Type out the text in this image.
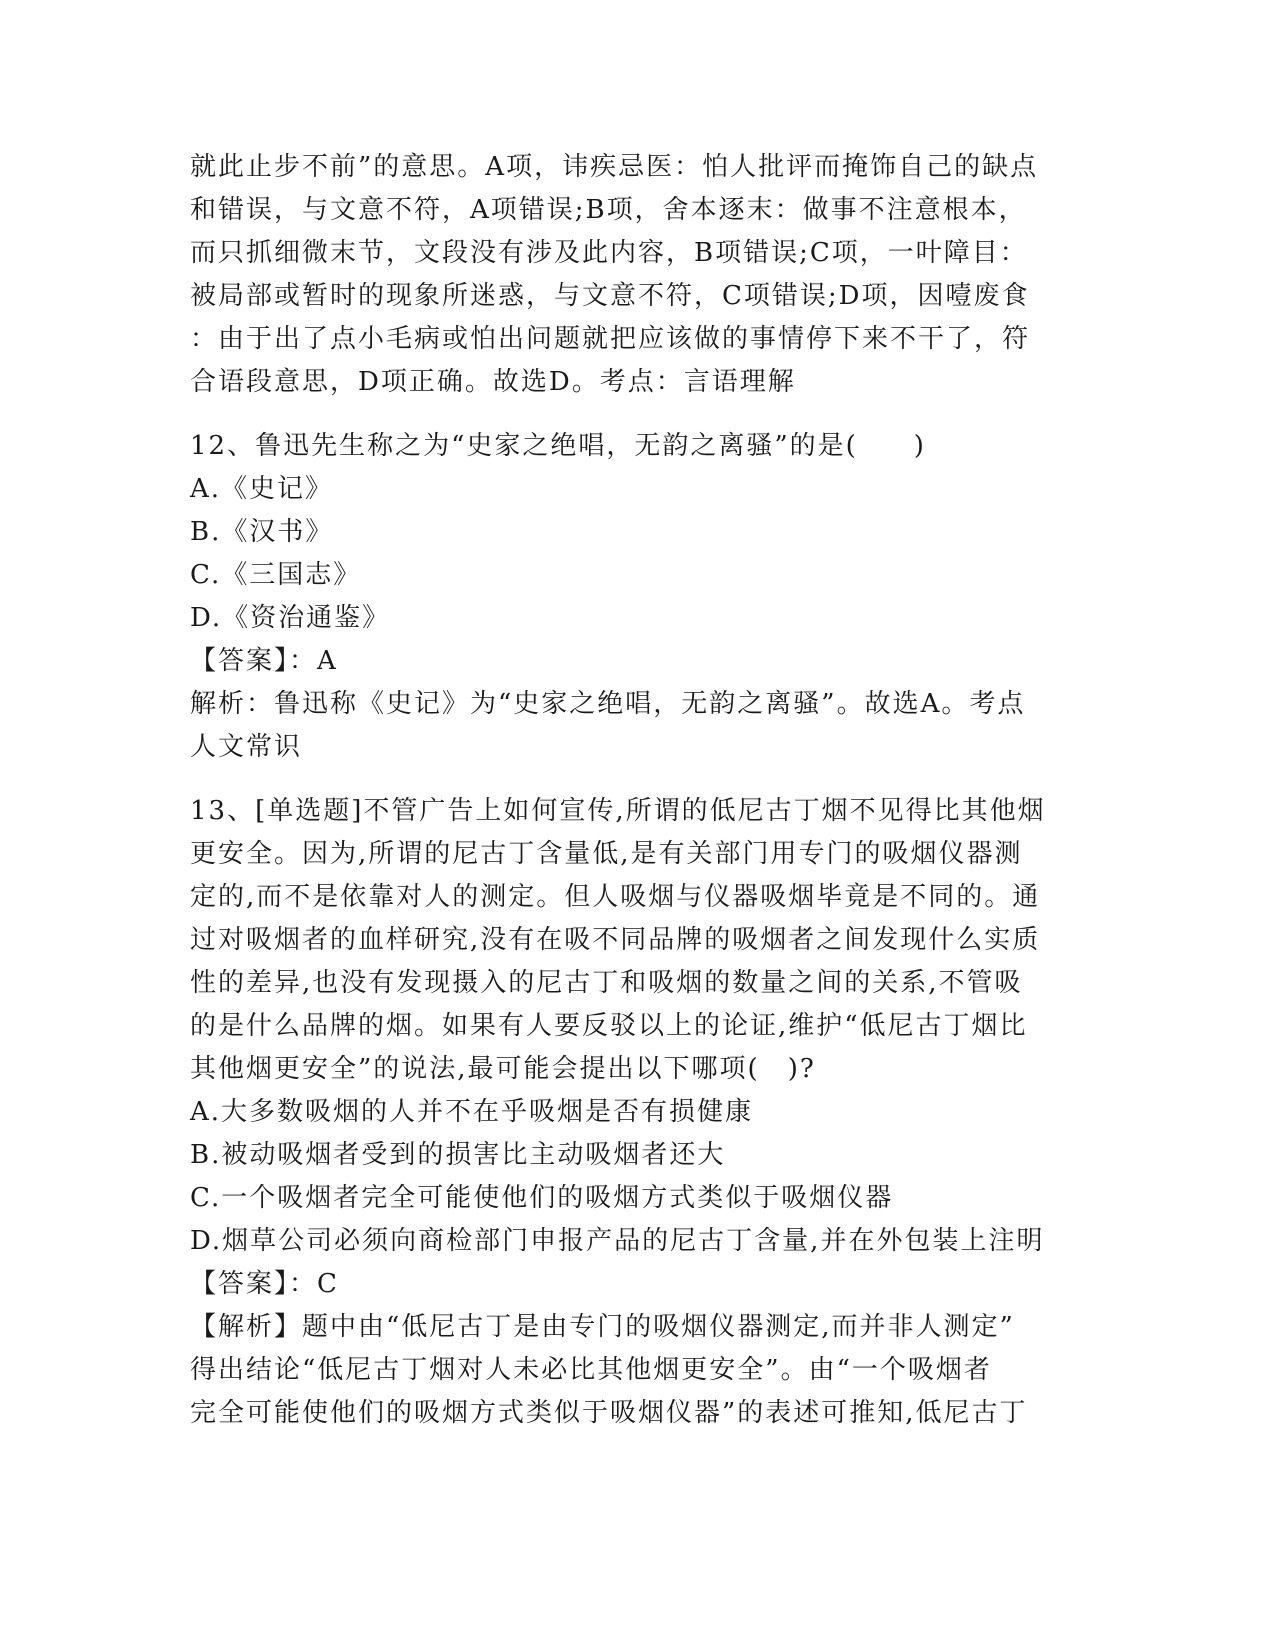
就此止步不前”的意思。A项，讳疾忌医：怕人批评而掩饰自己的缺点
和错误，与文意不符，A项错误;B项，舍本逐末：做事不注意根本，
而只抓细微末节，文段没有涉及此内容，B项错误;C项，一叶障目：
被局部或暂时的现象所迷惑，与文意不符，C项错误;D项，因噎废食
：由于出了点小毛病或怕出问题就把应该做的事情停下来不干了，符
合语段意思，D项正确。故选D。考点：言语理解
12、鲁迅先生称之为“史家之绝唱，无韵之离骚”的是(　　)
A.《史记》
B.《汉书》
C.《三国志》
D.《资治通鉴》
【答案】：A
解析：鲁迅称《史记》为“史家之绝唱，无韵之离骚”。故选A。考点
人文常识
13、[单选题]不管广告上如何宣传,所谓的低尼古丁烟不见得比其他烟
更安全。因为,所谓的尼古丁含量低,是有关部门用专门的吸烟仪器测
定的,而不是依靠对人的测定。但人吸烟与仪器吸烟毕竟是不同的。通
过对吸烟者的血样研究,没有在吸不同品牌的吸烟者之间发现什么实质
性的差异,也没有发现摄入的尼古丁和吸烟的数量之间的关系,不管吸
的是什么品牌的烟。如果有人要反驳以上的论证,维护“低尼古丁烟比
其他烟更安全”的说法,最可能会提出以下哪项(　)?
A.大多数吸烟的人并不在乎吸烟是否有损健康
B.被动吸烟者受到的损害比主动吸烟者还大
C.一个吸烟者完全可能使他们的吸烟方式类似于吸烟仪器
D.烟草公司必须向商检部门申报产品的尼古丁含量,并在外包装上注明
【答案】：C
【解析】题中由“低尼古丁是由专门的吸烟仪器测定,而并非人测定”
得出结论“低尼古丁烟对人未必比其他烟更安全”。由“一个吸烟者
完全可能使他们的吸烟方式类似于吸烟仪器”的表述可推知,低尼古丁
